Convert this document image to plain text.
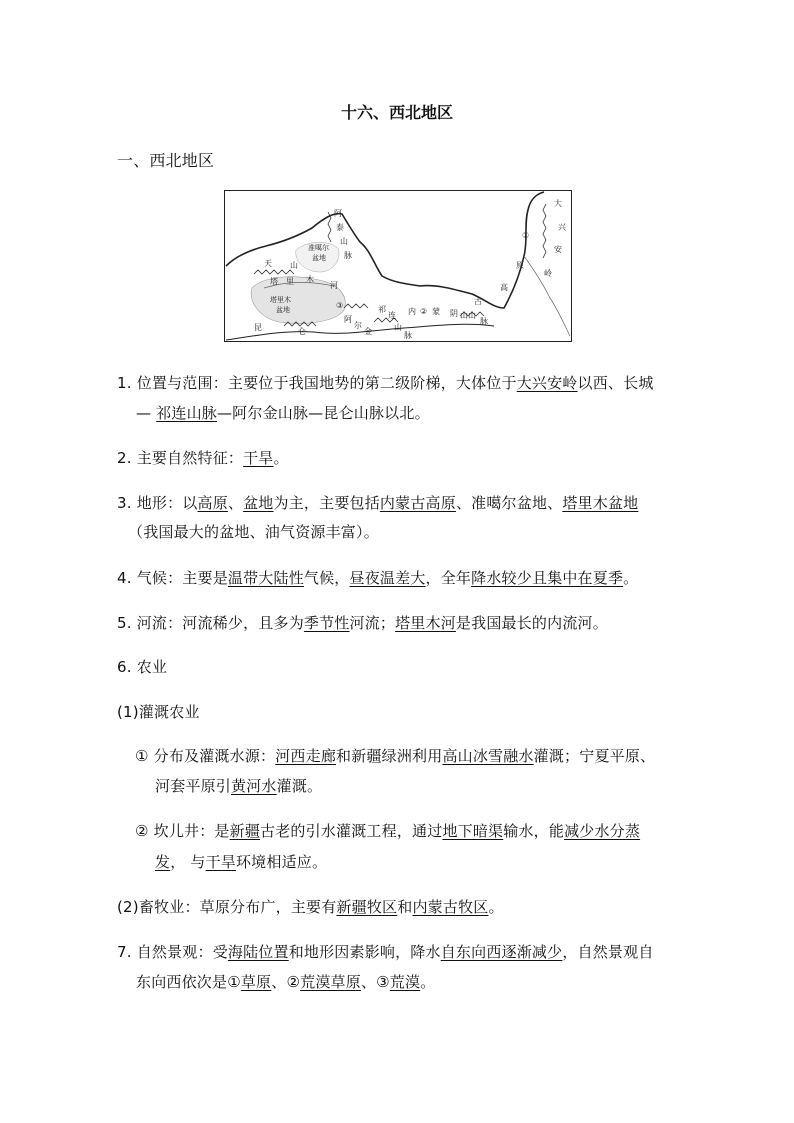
十六、西北地区
一、西北地区
大
兴
安
岭
①
原
高
古
蒙
内 ②	阴 山山
脉
阿
泰
山
脉
准噶尔
盆地
天 山
塔 里 木
河
塔里木
盆地	③
昆	仑
阿
尔
金
祁
连
山
脉
1. 位置与范围：主要位于我国地势的第二级阶梯，大体位于大兴安岭以西、长城
— 祁连山脉—阿尔金山脉—昆仑山脉以北。
2. 主要自然特征：干旱。
3. 地形：以高原、盆地为主，主要包括内蒙古高原、准噶尔盆地、塔里木盆地
（我国最大的盆地、油气资源丰富）。
4. 气候：主要是温带大陆性气候，昼夜温差大，全年降水较少且集中在夏季。
5. 河流：河流稀少，且多为季节性河流；塔里木河是我国最长的内流河。
6. 农业
(1)灌溉农业
① 分布及灌溉水源：河西走廊和新疆绿洲利用高山冰雪融水灌溉；宁夏平原、
河套平原引黄河水灌溉。
② 坎儿井：是新疆古老的引水灌溉工程，通过地下暗渠输水，能减少水分蒸
发， 与干旱环境相适应。
(2)畜牧业：草原分布广，主要有新疆牧区和内蒙古牧区。
7. 自然景观：受海陆位置和地形因素影响，降水自东向西逐渐减少，自然景观自
东向西依次是①草原、②荒漠草原、③荒漠。
